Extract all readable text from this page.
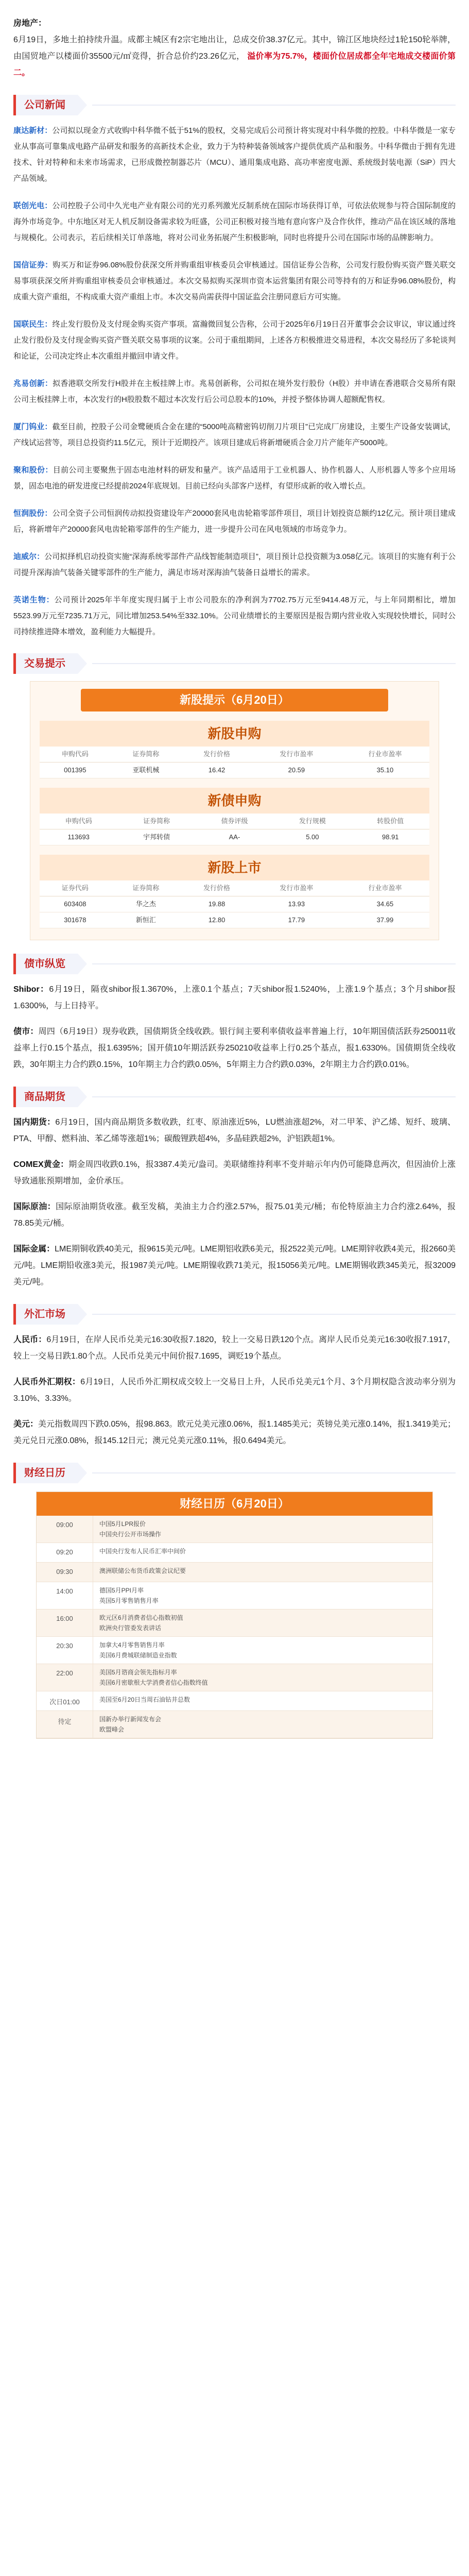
房地产：
6月19日，多地土拍持续升温。成都主城区有2宗宅地出让，总成交价38.37亿元。其中，锦江区地块经过1轮150轮举牌，由国贸地产以楼面价35500元/㎡竞得，折合总价约23.26亿元， 溢价率为75.7%，楼面价位居成都全年宅地成交楼面价第二。

公司新闻

康达新材：公司拟以现金方式收购中科华微不低于51%的股权，交易完成后公司预计将实现对中科华微的控股。中科华微是一家专业从事高可靠集成电路产品研发和服务的高新技术企业，致力于为特种装备领域客户提供优质产品和服务。中科华微由于拥有先进技术、针对特种和未来市场需求，已形成微控制器芯片（MCU）、通用集成电路、高功率密度电源、系统级封装电源（SiP）四大产品领域。

联创光电：公司控股子公司中久光电产业有限公司的光刃系列激光反制系统在国际市场获得订单，可依法依规参与符合国际制度的海外市场竞争。中东地区对无人机反制设备需求较为旺盛，公司正积极对接当地有意向客户及合作伙伴，推动产品在该区域的落地与规模化。公司表示，若后续相关订单落地，将对公司业务拓展产生积极影响，同时也将提升公司在国际市场的品牌影响力。

国信证券：购买万和证券96.08%股份获深交所并购重组审核委员会审核通过。国信证券公告称，公司发行股份购买资产暨关联交易事项获深交所并购重组审核委员会审核通过。本次交易拟购买深圳市资本运营集团有限公司等持有的万和证券96.08%股份，构成重大资产重组，不构成重大资产重组上市。本次交易尚需获得中国证监会注册同意后方可实施。

国联民生：终止发行股份及支付现金购买资产事项。富瀚微回复公告称，公司于2025年6月19日召开董事会会议审议，审议通过终止发行股份及支付现金购买资产暨关联交易事项的议案。公司于重组期间，上述各方积极推进交易进程，本次交易经历了多轮谈判和论证，公司决定终止本次重组并撤回申请文件。

兆易创新：拟香港联交所发行H股并在主板挂牌上市。兆易创新称，公司拟在境外发行股份（H股）并申请在香港联合交易所有限公司主板挂牌上市，本次发行的H股股数不超过本次发行后公司总股本的10%，并授予整体协调人超额配售权。

厦门钨业：截至目前，控股子公司金鹭硬质合金在建的“5000吨高精密钨切削刀片项目”已完成厂房建设，主要生产设备安装调试，产线试运营等，项目总投资约11.5亿元，预计于近期投产。该项目建成后将新增硬质合金刀片产能年产5000吨。

聚和股份：目前公司主要聚焦于固态电池材料的研发和量产。该产品适用于工业机器人、协作机器人、人形机器人等多个应用场景，固态电池的研发进度已经提前2024年底规划。目前已经向头部客户送样，有望形成新的收入增长点。

恒润股份：公司全资子公司恒润传动拟投资建设年产20000套风电齿轮箱零部件项目，项目计划投资总额约12亿元。预计项目建成后，将新增年产20000套风电齿轮箱零部件的生产能力，进一步提升公司在风电领域的市场竞争力。

迪威尔：公司拟择机启动投资实施“深海系统零部件产品线智能制造项目”，项目预计总投资额为3.058亿元。该项目的实施有利于公司提升深海油气装备关键零部件的生产能力，满足市场对深海油气装备日益增长的需求。

英诺生物：公司预计2025年半年度实现归属于上市公司股东的净利润为7702.75万元至9414.48万元，与上年同期相比，增加5523.99万元至7235.71万元，同比增加253.54%至332.10%。公司业绩增长的主要原因是报告期内营业收入实现较快增长，同时公司持续推进降本增效，盈利能力大幅提升。

交易提示
新股提示（6月20日）
新股申购
申购代码	证券简称	发行价格	发行市盈率	行业市盈率
001395	亚联机械	16.42	20.59	35.10
新债申购
申购代码	证券简称	债券评级	发行规模	转股价值
113693	宇邦转债	AA-	5.00	98.91
新股上市
证券代码	证券简称	发行价格	发行市盈率	行业市盈率
603408	华之杰	19.88	13.93	34.65
301678	新恒汇	12.80	17.79	37.99
债市纵览

Shibor：6月19日，隔夜shibor报1.3670%，上涨0.1个基点；7天shibor报1.5240%，上涨1.9个基点；3个月shibor报1.6300%，与上日持平。

债市：周四（6月19日）现券收跌，国债期货全线收跌。银行间主要利率债收益率普遍上行，10年期国债活跃券250011收益率上行0.15个基点，报1.6395%；国开债10年期活跃券250210收益率上行0.25个基点，报1.6330%。国债期货全线收跌，30年期主力合约跌0.15%，10年期主力合约跌0.05%，5年期主力合约跌0.03%，2年期主力合约跌0.01%。

商品期货

国内期货：6月19日，国内商品期货多数收跌，红枣、原油涨近5%，LU燃油涨超2%，对二甲苯、沪乙烯、短纤、玻璃、PTA、甲醇、燃料油、苯乙烯等涨超1%；碳酸锂跌超4%，多晶硅跌超2%，沪铝跌超1%。

COMEX黄金：期金周四收跌0.1%，报3387.4美元/盎司。美联储维持利率不变并暗示年内仍可能降息两次，但因油价上涨导致通胀预期增加，金价承压。

国际原油：国际原油期货收涨。截至发稿，美油主力合约涨2.57%，报75.01美元/桶；布伦特原油主力合约涨2.64%，报78.85美元/桶。

国际金属：LME期铜收跌40美元，报9615美元/吨。LME期铝收跌6美元，报2522美元/吨。LME期锌收跌4美元，报2660美元/吨。LME期铅收涨3美元，报1987美元/吨。LME期镍收跌71美元，报15056美元/吨。LME期锡收跌345美元，报32009美元/吨。

外汇市场

人民币：6月19日，在岸人民币兑美元16:30收报7.1820，较上一交易日跌120个点。离岸人民币兑美元16:30收报7.1917，较上一交易日跌1.80个点。人民币兑美元中间价报7.1695，调贬19个基点。

人民币外汇期权：6月19日，人民币外汇期权成交较上一交易日上升，人民币兑美元1个月、3个月期权隐含波动率分别为3.10%、3.33%。

美元：美元指数周四下跌0.05%，报98.863。欧元兑美元涨0.06%，报1.1485美元；英镑兑美元涨0.14%，报1.3419美元；美元兑日元涨0.08%，报145.12日元；澳元兑美元涨0.11%，报0.6494美元。

财经日历
财经日历（6月20日）
09:00	中国5月LPR报价
中国央行公开市场操作
09:20	中国央行发布人民币汇率中间价
09:30	澳洲联储公布货币政策会议纪要
14:00	德国5月PPI月率
英国5月零售销售月率
16:00	欧元区6月消费者信心指数初值
欧洲央行管委发表讲话
20:30	加拿大4月零售销售月率
美国6月费城联储制造业指数
22:00	美国5月谘商会领先指标月率
美国6月密歇根大学消费者信心指数终值
次日01:00	美国至6月20日当周石油钻井总数
待定	国新办举行新闻发布会
欧盟峰会
